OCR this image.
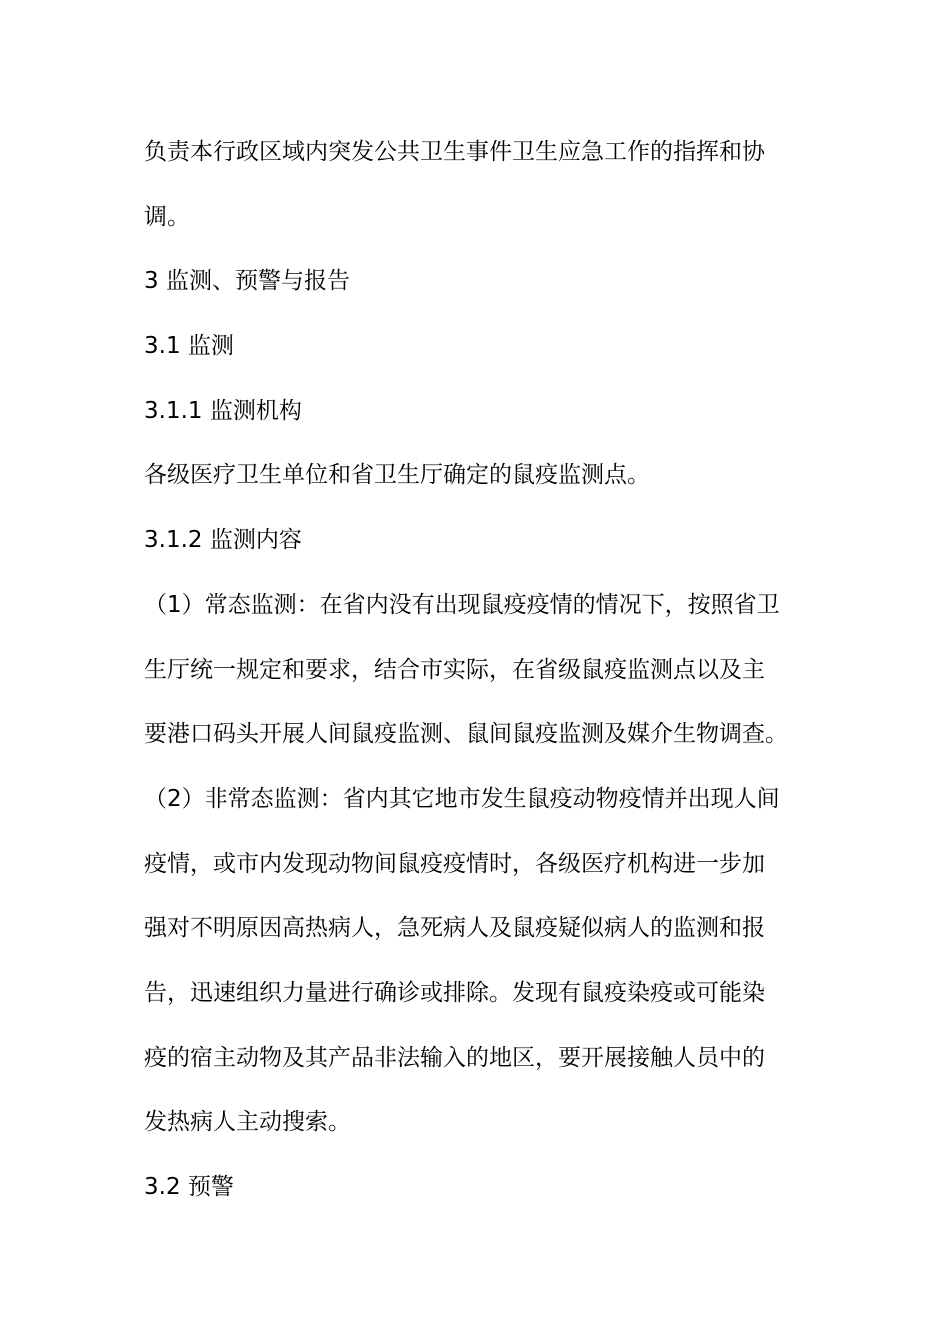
负责本行政区域内突发公共卫生事件卫生应急工作的指挥和协
调。
3 监测、预警与报告
3.1 监测
3.1.1 监测机构
各级医疗卫生单位和省卫生厅确定的鼠疫监测点。
3.1.2 监测内容
（1）常态监测：在省内没有出现鼠疫疫情的情况下，按照省卫
生厅统一规定和要求，结合市实际，在省级鼠疫监测点以及主
要港口码头开展人间鼠疫监测、鼠间鼠疫监测及媒介生物调查。
（2）非常态监测：省内其它地市发生鼠疫动物疫情并出现人间
疫情，或市内发现动物间鼠疫疫情时，各级医疗机构进一步加
强对不明原因高热病人，急死病人及鼠疫疑似病人的监测和报
告，迅速组织力量进行确诊或排除。发现有鼠疫染疫或可能染
疫的宿主动物及其产品非法输入的地区，要开展接触人员中的
发热病人主动搜索。
3.2 预警
